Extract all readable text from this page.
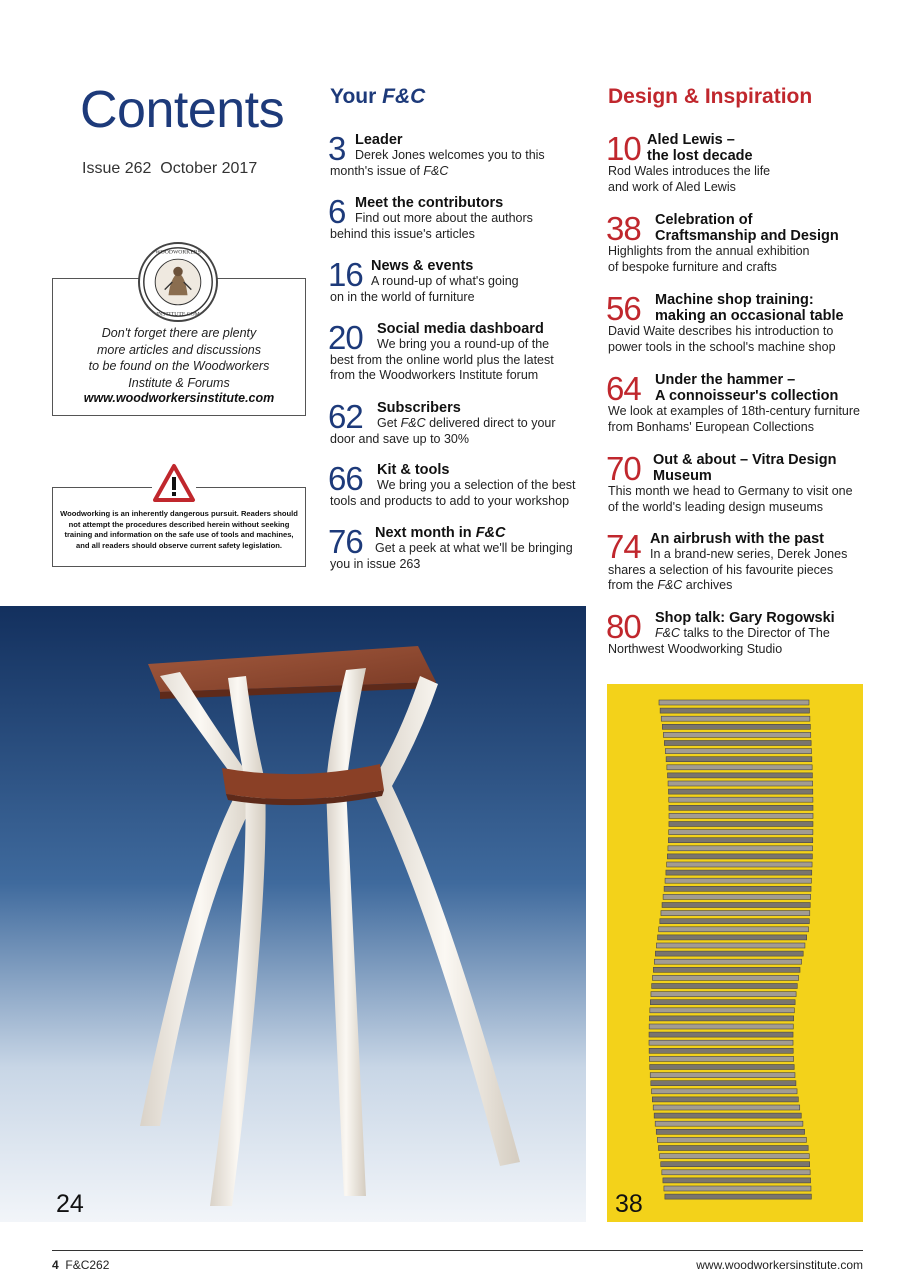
Contents
Issue 262  October 2017
WOODWORKERS
INSTITUTE.COM
Don't forget there are plenty
more articles and discussions
to be found on the Woodworkers
Institute & Forums
www.woodworkersinstitute.com
Woodworking is an inherently dangerous pursuit. Readers should
not attempt the procedures described herein without seeking
training and information on the safe use of tools and machines,
and all readers should observe current safety legislation.
Your F&C
3 Leader
Derek Jones welcomes you to this
month's issue of F&C
6 Meet the contributors
Find out more about the authors
behind this issue's articles
16 News & events
A round-up of what's going
on in the world of furniture
20 Social media dashboard
We bring you a round-up of the
best from the online world plus the latest
from the Woodworkers Institute forum
62 Subscribers
Get F&C delivered direct to your
door and save up to 30%
66 Kit & tools
We bring you a selection of the best
tools and products to add to your workshop
76 Next month in F&C
Get a peek at what we'll be bringing
you in issue 263
Design & Inspiration
10 Aled Lewis –
the lost decade
Rod Wales introduces the life
and work of Aled Lewis
38 Celebration of
Craftsmanship and Design
Highlights from the annual exhibition
of bespoke furniture and crafts
56 Machine shop training:
making an occasional table
David Waite describes his introduction to
power tools in the school's machine shop
64 Under the hammer –
A connoisseur's collection
We look at examples of 18th-century furniture
from Bonhams' European Collections
70 Out & about – Vitra Design
Museum
This month we head to Germany to visit one
of the world's leading design museums
74 An airbrush with the past
In a brand-new series, Derek Jones
shares a selection of his favourite pieces
from the F&C archives
80 Shop talk: Gary Rogowski
F&C talks to the Director of The
Northwest Woodworking Studio
24	38
4 F&C262	www.woodworkersinstitute.com
